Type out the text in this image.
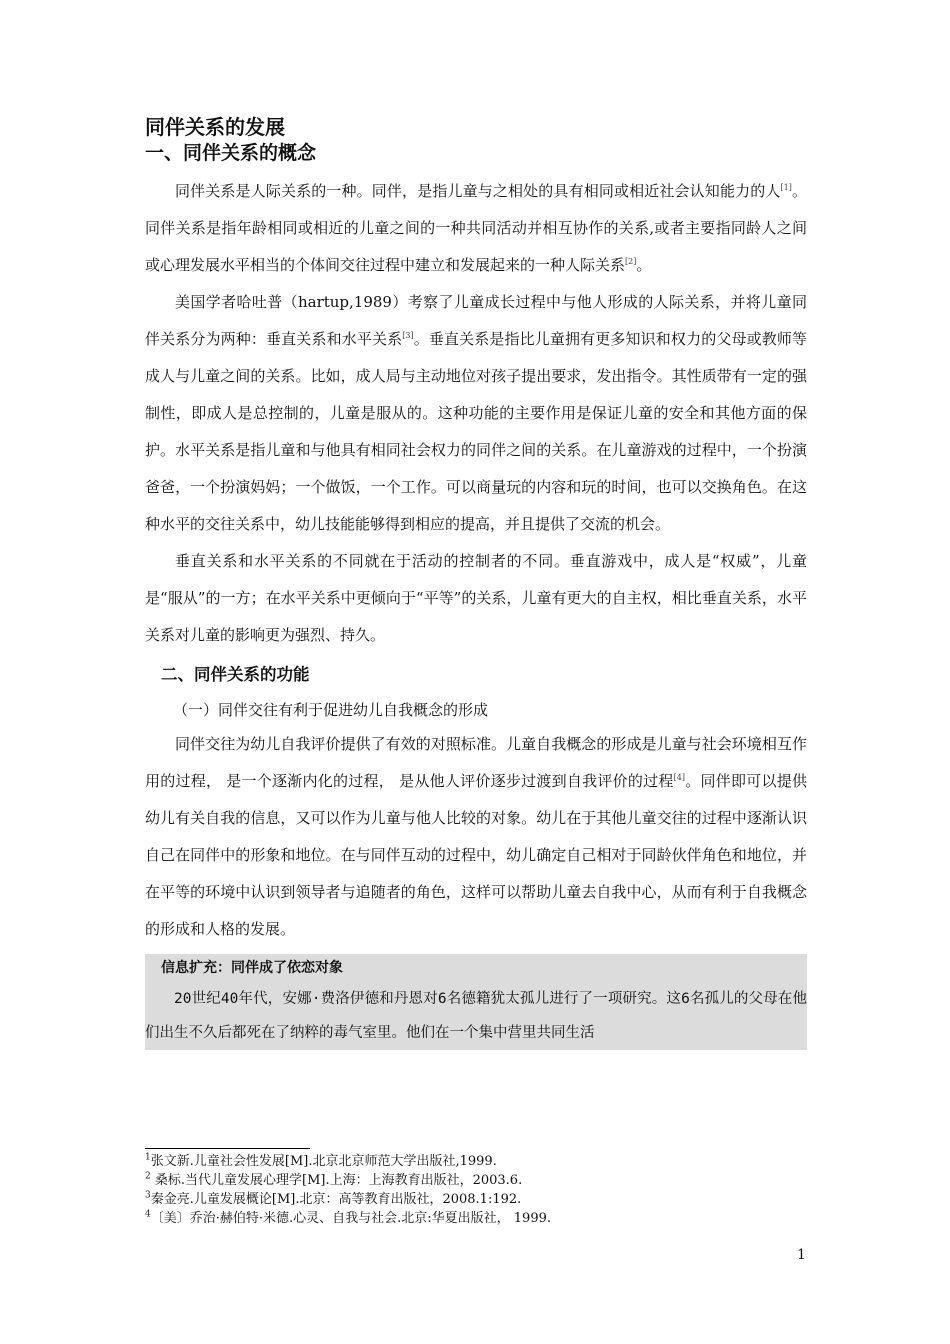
同伴关系的发展
一、同伴关系的概念

同伴关系是人际关系的一种。同伴，是指儿童与之相处的具有相同或相近社会认知能力的人[1]。同伴关系是指年龄相同或相近的儿童之间的一种共同活动并相互协作的关系,或者主要指同龄人之间或心理发展水平相当的个体间交往过程中建立和发展起来的一种人际关系[2]。

美国学者哈吐普（hartup,1989）考察了儿童成长过程中与他人形成的人际关系，并将儿童同伴关系分为两种：垂直关系和水平关系[3]。垂直关系是指比儿童拥有更多知识和权力的父母或教师等成人与儿童之间的关系。比如，成人局与主动地位对孩子提出要求，发出指令。其性质带有一定的强制性，即成人是总控制的，儿童是服从的。这种功能的主要作用是保证儿童的安全和其他方面的保护。水平关系是指儿童和与他具有相同社会权力的同伴之间的关系。在儿童游戏的过程中，一个扮演爸爸，一个扮演妈妈；一个做饭，一个工作。可以商量玩的内容和玩的时间，也可以交换角色。在这种水平的交往关系中，幼儿技能能够得到相应的提高，并且提供了交流的机会。

垂直关系和水平关系的不同就在于活动的控制者的不同。垂直游戏中，成人是“权威”，儿童是“服从”的一方；在水平关系中更倾向于“平等”的关系，儿童有更大的自主权，相比垂直关系，水平关系对儿童的影响更为强烈、持久。

二、同伴关系的功能
（一）同伴交往有利于促进幼儿自我概念的形成

同伴交往为幼儿自我评价提供了有效的对照标准。儿童自我概念的形成是儿童与社会环境相互作用的过程， 是一个逐渐内化的过程， 是从他人评价逐步过渡到自我评价的过程[4]。同伴即可以提供幼儿有关自我的信息，又可以作为儿童与他人比较的对象。幼儿在于其他儿童交往的过程中逐渐认识自己在同伴中的形象和地位。在与同伴互动的过程中，幼儿确定自己相对于同龄伙伴角色和地位，并在平等的环境中认识到领导者与追随者的角色，这样可以帮助儿童去自我中心，从而有利于自我概念的形成和人格的发展。

信息扩充：同伴成了依恋对象

20世纪40年代，安娜·费洛伊德和丹恩对6名德籍犹太孤儿进行了一项研究。这6名孤儿的父母在他们出生不久后都死在了纳粹的毒气室里。他们在一个集中营里共同生活

$^1$张文新.儿童社会性发展[M].北京北京师范大学出版社,1999.
$^2$ 桑标.当代儿童发展心理学[M].上海：上海教育出版社，2003.6.
$^3$秦金亮.儿童发展概论[M].北京：高等教育出版社，2008.1:192.
$^4$〔美〕乔治·赫伯特·米德.心灵、自我与社会.北京:华夏出版社， 1999.
1
